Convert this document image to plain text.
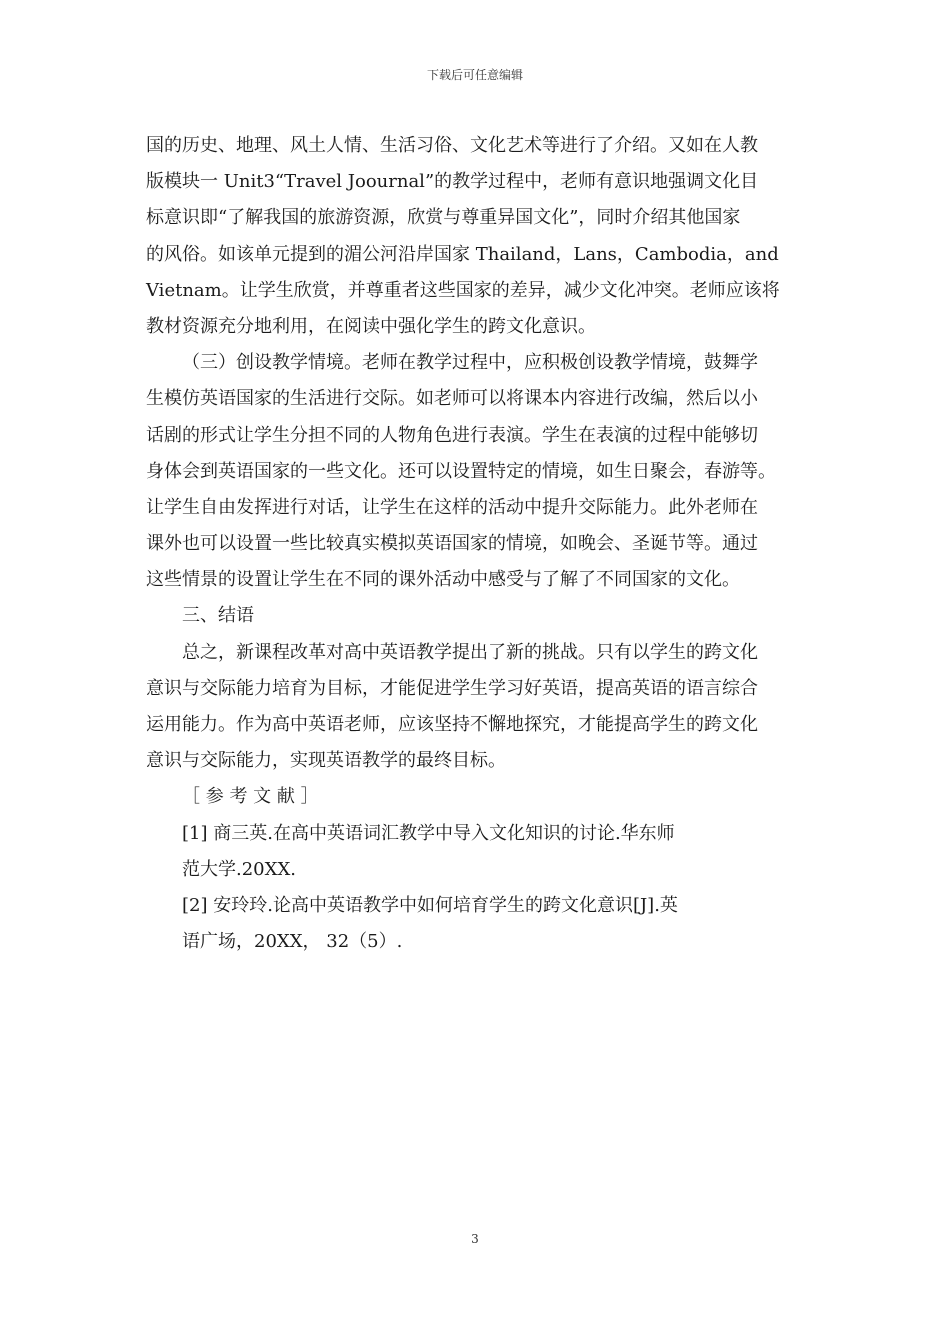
下载后可任意编辑
国的历史、地理、风土人情、生活习俗、文化艺术等进行了介绍。又如在人教
版模块一 Unit3“Travel Joournal”的教学过程中，老师有意识地强调文化目
标意识即“了解我国的旅游资源，欣赏与尊重异国文化”，同时介绍其他国家
的风俗。如该单元提到的湄公河沿岸国家 Thailand，Lans，Cambodia，and
Vietnam。让学生欣赏，并尊重者这些国家的差异，减少文化冲突。老师应该将
教材资源充分地利用，在阅读中强化学生的跨文化意识。
（三）创设教学情境。老师在教学过程中，应积极创设教学情境，鼓舞学
生模仿英语国家的生活进行交际。如老师可以将课本内容进行改编，然后以小
话剧的形式让学生分担不同的人物角色进行表演。学生在表演的过程中能够切
身体会到英语国家的一些文化。还可以设置特定的情境，如生日聚会，春游等。
让学生自由发挥进行对话，让学生在这样的活动中提升交际能力。此外老师在
课外也可以设置一些比较真实模拟英语国家的情境，如晚会、圣诞节等。通过
这些情景的设置让学生在不同的课外活动中感受与了解了不同国家的文化。
三、结语
总之，新课程改革对高中英语教学提出了新的挑战。只有以学生的跨文化
意识与交际能力培育为目标，才能促进学生学习好英语，提高英语的语言综合
运用能力。作为高中英语老师，应该坚持不懈地探究，才能提高学生的跨文化
意识与交际能力，实现英语教学的最终目标。
［ 参 考 文 献 ］
[1] 商三英.在高中英语词汇教学中导入文化知识的讨论.华东师
范大学.20XX.
[2] 安玲玲.论高中英语教学中如何培育学生的跨文化意识[J].英
语广场，20XX， 32（5）.
3
